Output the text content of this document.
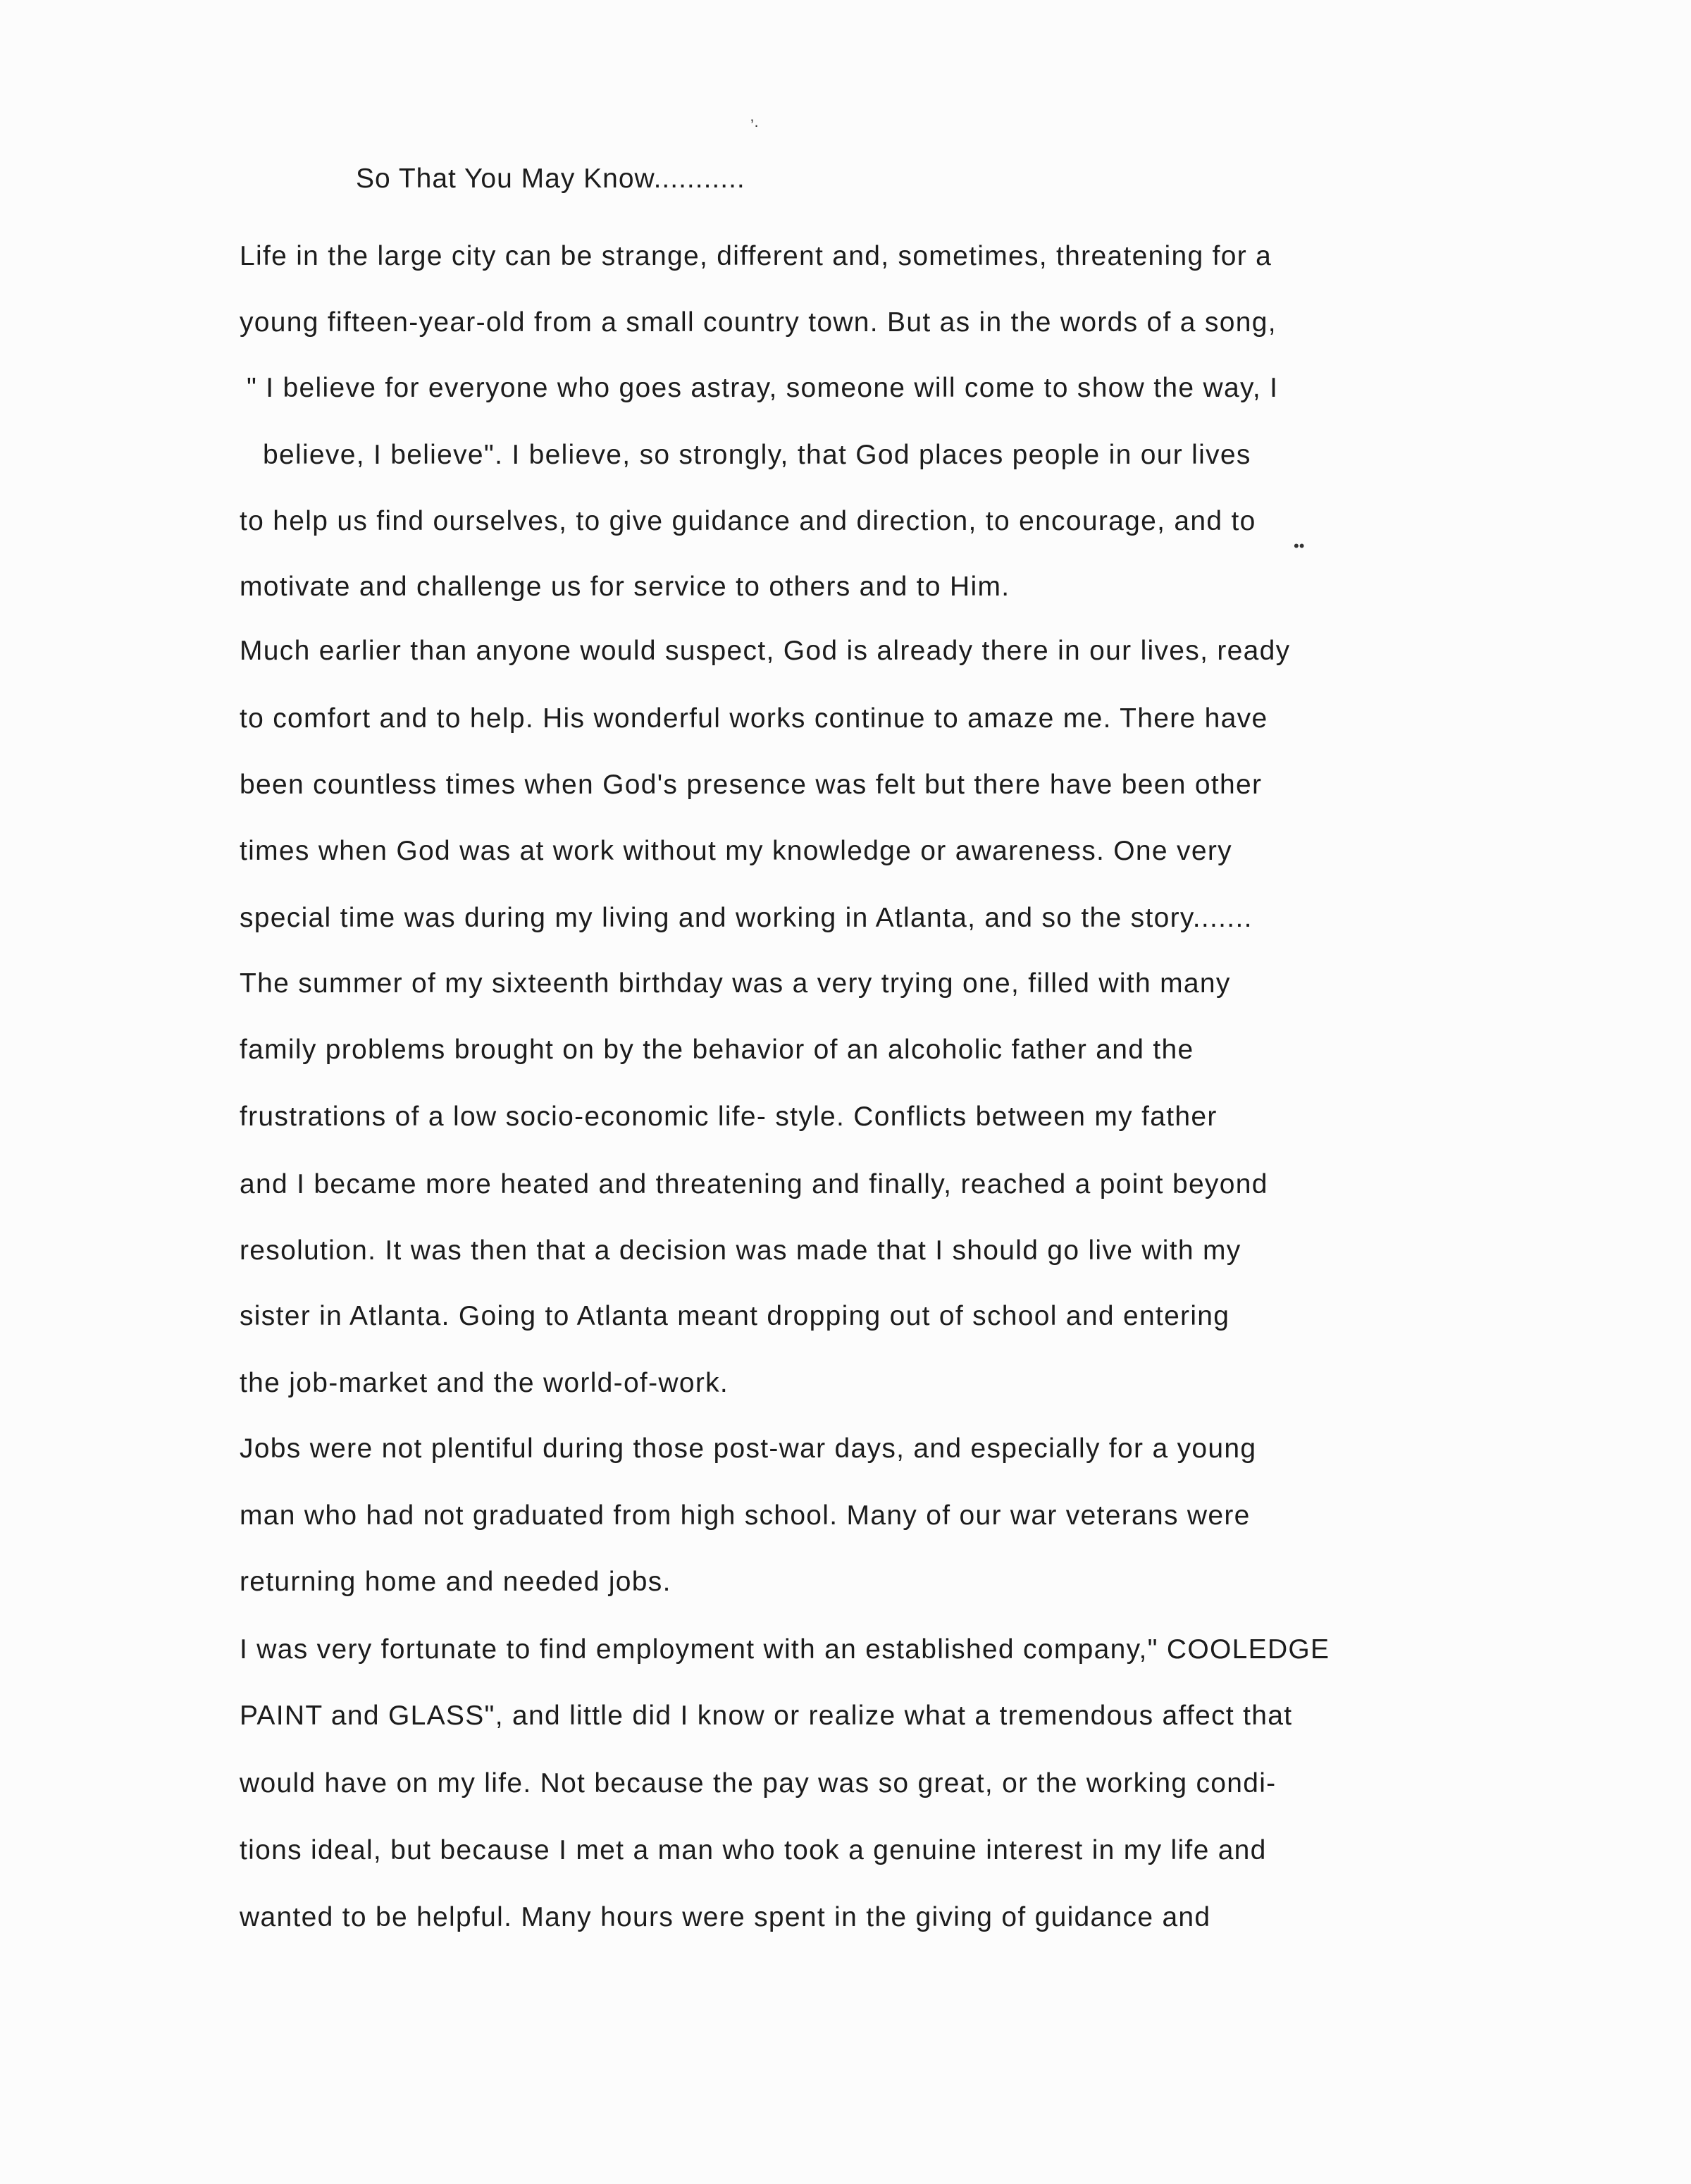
’·
••
So That You May Know...........
Life in the large city can be strange, different and, sometimes, threatening for a
young fifteen-year-old from a small country town. But as in the words of a song,
" I believe for everyone who goes astray, someone will come to show the way, I
believe, I believe". I believe, so strongly, that God places people in our lives
to help us find ourselves, to give guidance and direction, to encourage, and to
motivate and challenge us for service to others and to Him.
Much earlier than anyone would suspect, God is already there in our lives, ready
to comfort and to help. His wonderful works continue to amaze me. There have
been countless times when God's presence was felt but there have been other
times when God was at work without my knowledge or awareness. One very
special time was during my living and working in Atlanta, and so the story.......
The summer of my sixteenth birthday was a very trying one, filled with many
family problems brought on by the behavior of an alcoholic father and the
frustrations of a low socio-economic life- style. Conflicts between my father
and I became more heated and threatening and finally, reached a point beyond
resolution. It was then that a decision was made that I should go live with my
sister in Atlanta. Going to Atlanta meant dropping out of school and entering
the job-market and the world-of-work.
Jobs were not plentiful during those post-war days, and especially for a young
man who had not graduated from high school. Many of our war veterans were
returning home and needed jobs.
I was very fortunate to find employment with an established company," COOLEDGE
PAINT and GLASS", and little did I know or realize what a tremendous affect that
would have on my life. Not because the pay was so great, or the working condi-
tions ideal, but because I met a man who took a genuine interest in my life and
wanted to be helpful. Many hours were spent in the giving of guidance and
